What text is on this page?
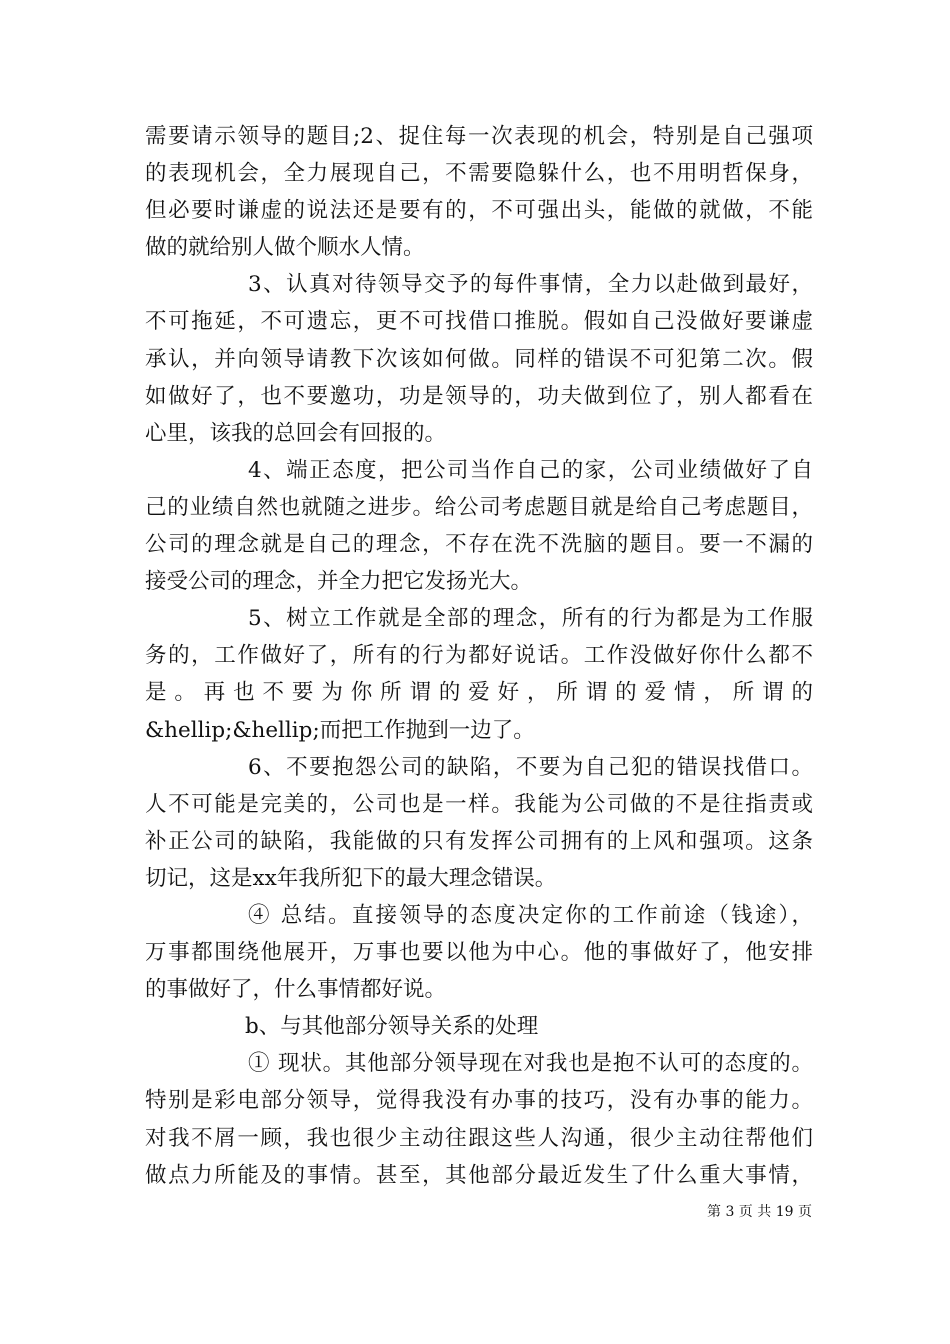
需要请示领导的题目;2、捉住每一次表现的机会，特别是自己强项
的表现机会，全力展现自己，不需要隐躲什么，也不用明哲保身，
但必要时谦虚的说法还是要有的，不可强出头，能做的就做，不能
做的就给别人做个顺水人情。
3、认真对待领导交予的每件事情，全力以赴做到最好，
不可拖延，不可遗忘，更不可找借口推脱。假如自己没做好要谦虚
承认，并向领导请教下次该如何做。同样的错误不可犯第二次。假
如做好了，也不要邀功，功是领导的，功夫做到位了，别人都看在
心里，该我的总回会有回报的。
4、端正态度，把公司当作自己的家，公司业绩做好了自
己的业绩自然也就随之进步。给公司考虑题目就是给自己考虑题目，
公司的理念就是自己的理念，不存在洗不洗脑的题目。要一不漏的
接受公司的理念，并全力把它发扬光大。
5、树立工作就是全部的理念，所有的行为都是为工作服
务的，工作做好了，所有的行为都好说话。工作没做好你什么都不
是 。 再 也 不 要 为 你 所 谓 的 爱 好 ， 所 谓 的 爱 情 ， 所 谓 的
&hellip;&hellip;而把工作抛到一边了。
6、不要抱怨公司的缺陷，不要为自己犯的错误找借口。
人不可能是完美的，公司也是一样。我能为公司做的不是往指责或
补正公司的缺陷，我能做的只有发挥公司拥有的上风和强项。这条
切记，这是xx年我所犯下的最大理念错误。
④ 总结。直接领导的态度决定你的工作前途（钱途），
万事都围绕他展开，万事也要以他为中心。他的事做好了，他安排
的事做好了，什么事情都好说。
b、与其他部分领导关系的处理
① 现状。其他部分领导现在对我也是抱不认可的态度的。
特别是彩电部分领导，觉得我没有办事的技巧，没有办事的能力。
对我不屑一顾，我也很少主动往跟这些人沟通，很少主动往帮他们
做点力所能及的事情。甚至，其他部分最近发生了什么重大事情，
第 3 页 共 19 页
